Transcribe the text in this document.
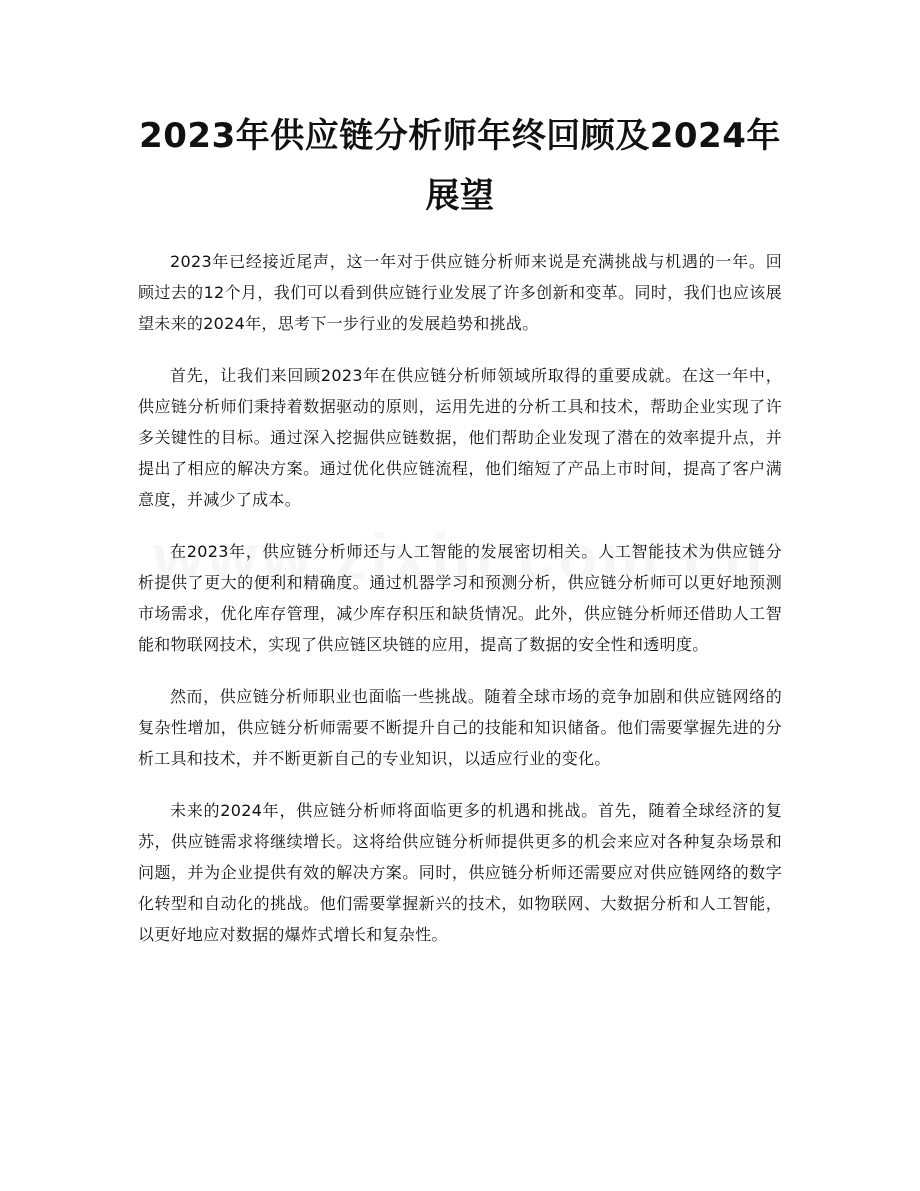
2023年供应链分析师年终回顾及2024年展望

2023年已经接近尾声，这一年对于供应链分析师来说是充满挑战与机遇的一年。回顾过去的12个月，我们可以看到供应链行业发展了许多创新和变革。同时，我们也应该展望未来的2024年，思考下一步行业的发展趋势和挑战。

首先，让我们来回顾2023年在供应链分析师领域所取得的重要成就。在这一年中，供应链分析师们秉持着数据驱动的原则，运用先进的分析工具和技术，帮助企业实现了许多关键性的目标。通过深入挖掘供应链数据，他们帮助企业发现了潜在的效率提升点，并提出了相应的解决方案。通过优化供应链流程，他们缩短了产品上市时间，提高了客户满意度，并减少了成本。

在2023年，供应链分析师还与人工智能的发展密切相关。人工智能技术为供应链分析提供了更大的便利和精确度。通过机器学习和预测分析，供应链分析师可以更好地预测市场需求，优化库存管理，减少库存积压和缺货情况。此外，供应链分析师还借助人工智能和物联网技术，实现了供应链区块链的应用，提高了数据的安全性和透明度。

然而，供应链分析师职业也面临一些挑战。随着全球市场的竞争加剧和供应链网络的复杂性增加，供应链分析师需要不断提升自己的技能和知识储备。他们需要掌握先进的分析工具和技术，并不断更新自己的专业知识，以适应行业的变化。

未来的2024年，供应链分析师将面临更多的机遇和挑战。首先，随着全球经济的复苏，供应链需求将继续增长。这将给供应链分析师提供更多的机会来应对各种复杂场景和问题，并为企业提供有效的解决方案。同时，供应链分析师还需要应对供应链网络的数字化转型和自动化的挑战。他们需要掌握新兴的技术，如物联网、大数据分析和人工智能，以更好地应对数据的爆炸式增长和复杂性。
